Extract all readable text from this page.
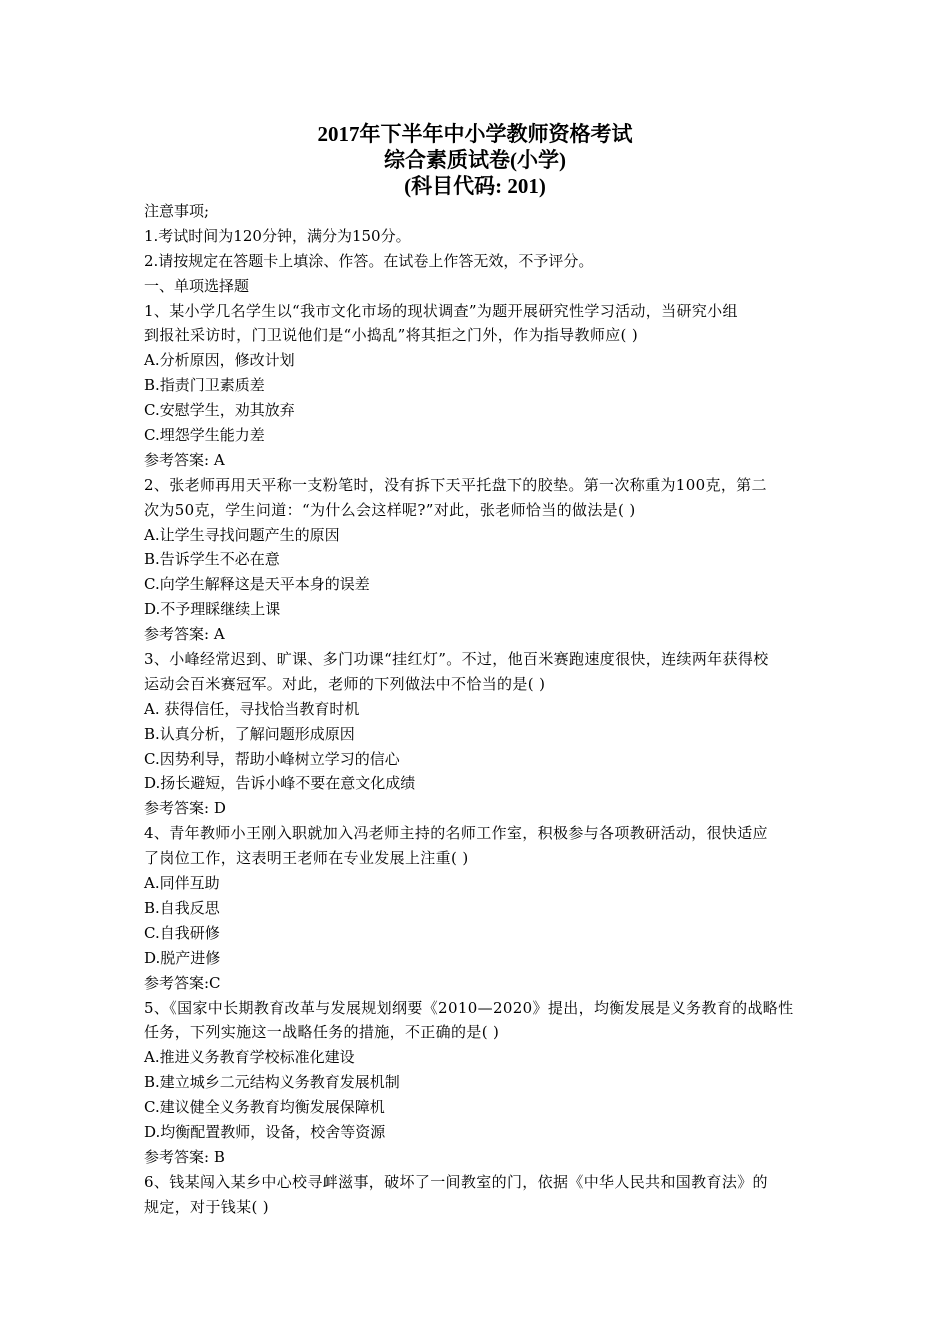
2017年下半年中小学教师资格考试
综合素质试卷(小学)
(科目代码: 201)
注意事项;
1.考试时间为120分钟，满分为150分。
2.请按规定在答题卡上填涂、作答。在试卷上作答无效，不予评分。
一、单项选择题
1、某小学几名学生以“我市文化市场的现状调查”为题开展研究性学习活动，当研究小组
到报社采访时，门卫说他们是“小捣乱”将其拒之门外，作为指导教师应( )
A.分析原因，修改计划
B.指责门卫素质差
C.安慰学生，劝其放弃
C.埋怨学生能力差
参考答案: A
2、张老师再用天平称一支粉笔时，没有拆下天平托盘下的胶垫。第一次称重为100克，第二
次为50克，学生问道：“为什么会这样呢?”对此，张老师恰当的做法是( )
A.让学生寻找问题产生的原因
B.告诉学生不必在意
C.向学生解释这是天平本身的误差
D.不予理睬继续上课
参考答案: A
3、小峰经常迟到、旷课、多门功课“挂红灯”。不过，他百米赛跑速度很快，连续两年获得校
运动会百米赛冠军。对此，老师的下列做法中不恰当的是( )
A. 获得信任，寻找恰当教育时机
B.认真分析，了解问题形成原因
C.因势利导，帮助小峰树立学习的信心
D.扬长避短，告诉小峰不要在意文化成绩
参考答案: D
4、青年教师小王刚入职就加入冯老师主持的名师工作室，积极参与各项教研活动，很快适应
了岗位工作，这表明王老师在专业发展上注重( )
A.同伴互助
B.自我反思
C.自我研修
D.脱产进修
参考答案:C
5、《国家中长期教育改革与发展规划纲要《2010—2020》提出，均衡发展是义务教育的战略性
任务，下列实施这一战略任务的措施，不正确的是( )
A.推进义务教育学校标准化建设
B.建立城乡二元结构义务教育发展机制
C.建议健全义务教育均衡发展保障机
D.均衡配置教师，设备，校舍等资源
参考答案: B
6、钱某闯入某乡中心校寻衅滋事，破坏了一间教室的门，依据《中华人民共和国教育法》的
规定，对于钱某( )
